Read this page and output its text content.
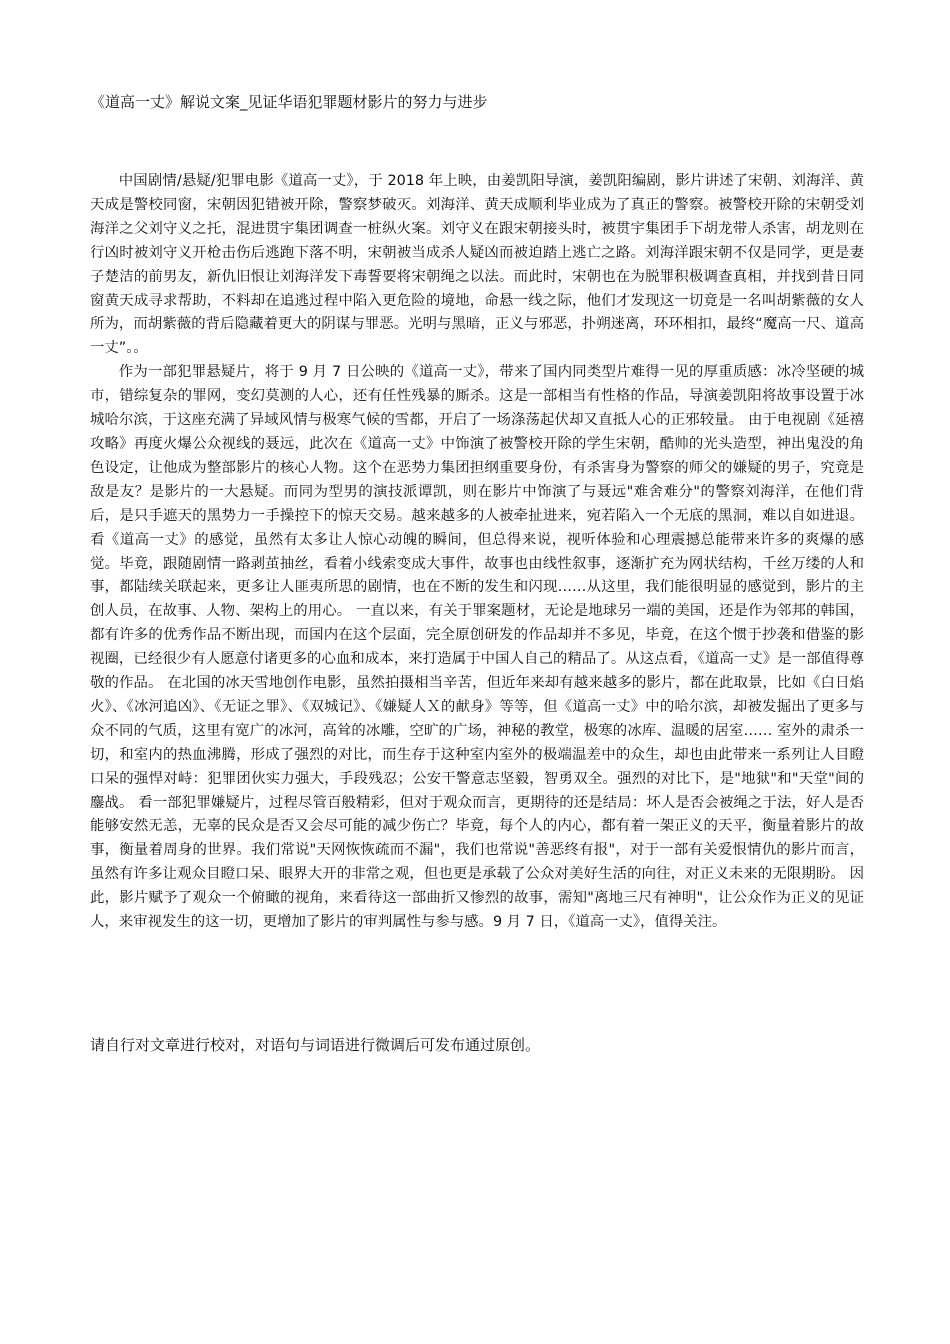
《道高一丈》解说文案_见证华语犯罪题材影片的努力与进步

中国剧情/悬疑/犯罪电影《道高一丈》，于 2018 年上映，由姜凯阳导演，姜凯阳编剧，影片讲述了宋朝、刘海洋、黄天成是警校同窗，宋朝因犯错被开除，警察梦破灭。刘海洋、黄天成顺利毕业成为了真正的警察。被警校开除的宋朝受刘海洋之父刘守义之托，混进贯宇集团调查一桩纵火案。刘守义在跟宋朝接头时，被贯宇集团手下胡龙带人杀害，胡龙则在行凶时被刘守义开枪击伤后逃跑下落不明，宋朝被当成杀人疑凶而被迫踏上逃亡之路。刘海洋跟宋朝不仅是同学，更是妻子楚洁的前男友，新仇旧恨让刘海洋发下毒誓要将宋朝绳之以法。而此时，宋朝也在为脱罪积极调查真相，并找到昔日同窗黄天成寻求帮助，不料却在追逃过程中陷入更危险的境地，命悬一线之际，他们才发现这一切竟是一名叫胡紫薇的女人所为，而胡紫薇的背后隐藏着更大的阴谋与罪恶。光明与黑暗，正义与邪恶，扑朔迷离，环环相扣，最终“魔高一尺、道高一丈”。。

作为一部犯罪悬疑片，将于 9 月 7 日公映的《道高一丈》，带来了国内同类型片难得一见的厚重质感：冰冷坚硬的城市，错综复杂的罪网，变幻莫测的人心，还有任性残暴的厮杀。这是一部相当有性格的作品，导演姜凯阳将故事设置于冰城哈尔滨，于这座充满了异域风情与极寒气候的雪都，开启了一场涤荡起伏却又直抵人心的正邪较量。 由于电视剧《延禧攻略》再度火爆公众视线的聂远，此次在《道高一丈》中饰演了被警校开除的学生宋朝，酷帅的光头造型，神出鬼没的角色设定，让他成为整部影片的核心人物。这个在恶势力集团担纲重要身份，有杀害身为警察的师父的嫌疑的男子，究竟是敌是友？是影片的一大悬疑。而同为型男的演技派谭凯，则在影片中饰演了与聂远"难舍难分"的警察刘海洋，在他们背后，是只手遮天的黑势力一手操控下的惊天交易。越来越多的人被牵扯进来，宛若陷入一个无底的黑洞，难以自如进退。 看《道高一丈》的感觉，虽然有太多让人惊心动魄的瞬间，但总得来说，视听体验和心理震撼总能带来许多的爽爆的感觉。毕竟，跟随剧情一路剥茧抽丝，看着小线索变成大事件，故事也由线性叙事，逐渐扩充为网状结构，千丝万缕的人和事，都陆续关联起来，更多让人匪夷所思的剧情，也在不断的发生和闪现……从这里，我们能很明显的感觉到，影片的主创人员，在故事、人物、架构上的用心。 一直以来，有关于罪案题材，无论是地球另一端的美国，还是作为邻邦的韩国，都有许多的优秀作品不断出现，而国内在这个层面，完全原创研发的作品却并不多见，毕竟，在这个惯于抄袭和借鉴的影视圈，已经很少有人愿意付诸更多的心血和成本，来打造属于中国人自己的精品了。从这点看，《道高一丈》是一部值得尊敬的作品。 在北国的冰天雪地创作电影，虽然拍摄相当辛苦，但近年来却有越来越多的影片，都在此取景，比如《白日焰火》、《冰河追凶》、《无证之罪》、《双城记》、《嫌疑人Ｘ的献身》等等，但《道高一丈》中的哈尔滨，却被发掘出了更多与众不同的气质，这里有宽广的冰河，高耸的冰雕，空旷的广场，神秘的教堂，极寒的冰库、温暖的居室…… 室外的肃杀一切，和室内的热血沸腾，形成了强烈的对比，而生存于这种室内室外的极端温差中的众生，却也由此带来一系列让人目瞪口呆的强悍对峙：犯罪团伙实力强大，手段残忍；公安干警意志坚毅，智勇双全。强烈的对比下，是"地狱"和"天堂"间的鏖战。 看一部犯罪嫌疑片，过程尽管百般精彩，但对于观众而言，更期待的还是结局：坏人是否会被绳之于法，好人是否能够安然无恙，无辜的民众是否又会尽可能的减少伤亡？毕竟，每个人的内心，都有着一架正义的天平，衡量着影片的故事，衡量着周身的世界。我们常说"天网恢恢疏而不漏"，我们也常说"善恶终有报"，对于一部有关爱恨情仇的影片而言，虽然有许多让观众目瞪口呆、眼界大开的非常之观，但也更是承载了公众对美好生活的向往，对正义未来的无限期盼。 因此，影片赋予了观众一个俯瞰的视角，来看待这一部曲折又惨烈的故事，需知"离地三尺有神明"，让公众作为正义的见证人，来审视发生的这一切，更增加了影片的审判属性与参与感。9 月 7 日，《道高一丈》，值得关注。

请自行对文章进行校对，对语句与词语进行微调后可发布通过原创。
